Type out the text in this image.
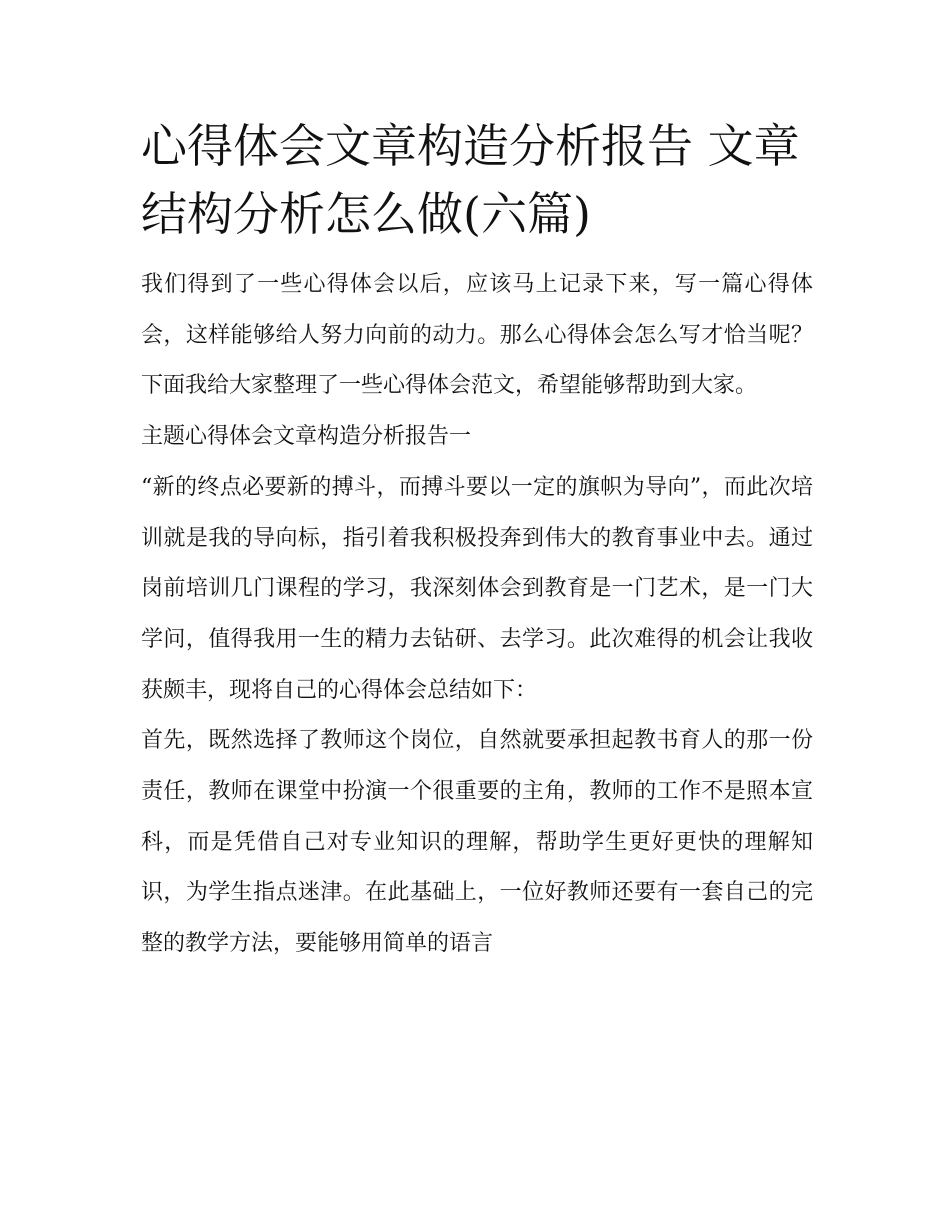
心得体会文章构造分析报告 文章结构分析怎么做(六篇)

我们得到了一些心得体会以后，应该马上记录下来，写一篇心得体会，这样能够给人努力向前的动力。那么心得体会怎么写才恰当呢？下面我给大家整理了一些心得体会范文，希望能够帮助到大家。

主题心得体会文章构造分析报告一

“新的终点必要新的搏斗，而搏斗要以一定的旗帜为导向”，而此次培训就是我的导向标，指引着我积极投奔到伟大的教育事业中去。通过岗前培训几门课程的学习，我深刻体会到教育是一门艺术，是一门大学问，值得我用一生的精力去钻研、去学习。此次难得的机会让我收获颇丰，现将自己的心得体会总结如下：

首先，既然选择了教师这个岗位，自然就要承担起教书育人的那一份责任，教师在课堂中扮演一个很重要的主角，教师的工作不是照本宣科，而是凭借自己对专业知识的理解，帮助学生更好更快的理解知识，为学生指点迷津。在此基础上，一位好教师还要有一套自己的完整的教学方法，要能够用简单的语言
